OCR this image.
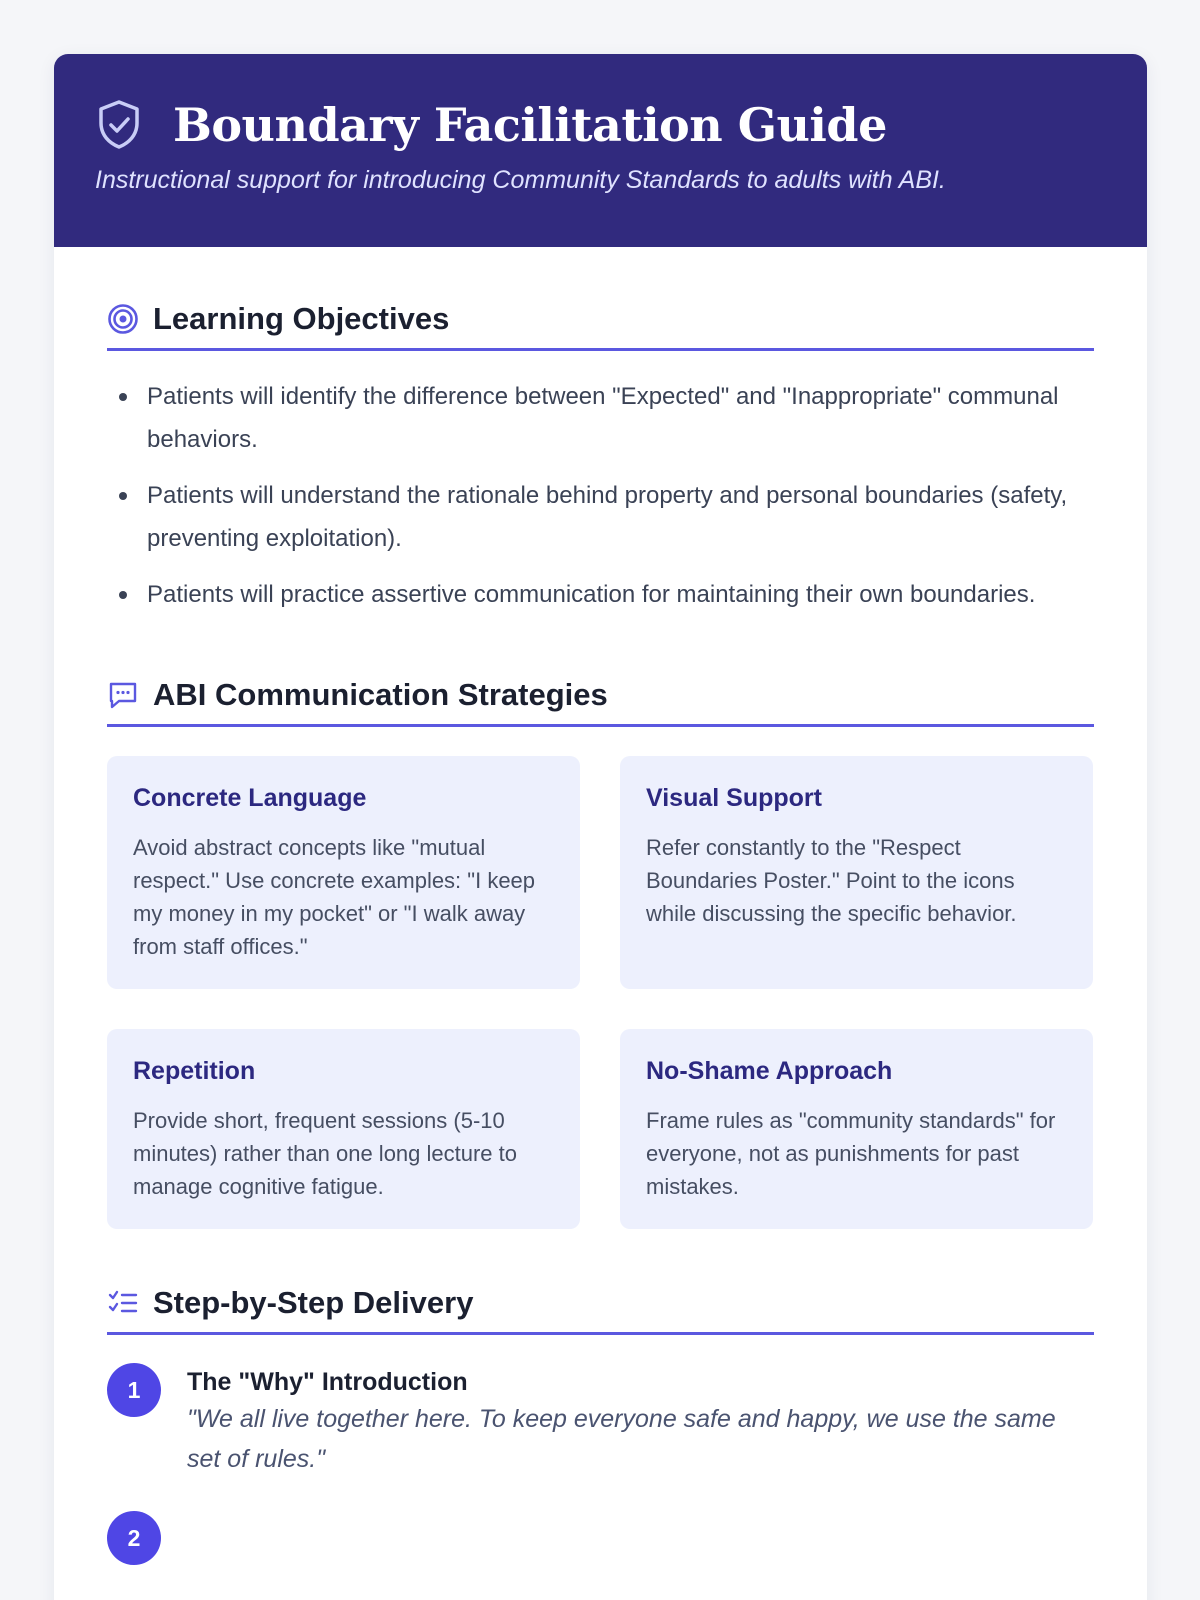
Boundary Facilitation Guide

Instructional support for introducing Community Standards to adults with ABI.

Learning Objectives
Patients will identify the difference between "Expected" and "Inappropriate" communal behaviors.
Patients will understand the rationale behind property and personal boundaries (safety, preventing exploitation).
Patients will practice assertive communication for maintaining their own boundaries.
ABI Communication Strategies
Concrete Language

Avoid abstract concepts like "mutual respect." Use concrete examples: "I keep my money in my pocket" or "I walk away from staff offices."

Visual Support

Refer constantly to the "Respect Boundaries Poster." Point to the icons while discussing the specific behavior.

Repetition

Provide short, frequent sessions (5-10 minutes) rather than one long lecture to manage cognitive fatigue.

No-Shame Approach

Frame rules as "community standards" for everyone, not as punishments for past mistakes.

Step-by-Step Delivery
1	The "Why" Introduction
"We all live together here. To keep everyone safe and happy, we use the same set of rules."
2
